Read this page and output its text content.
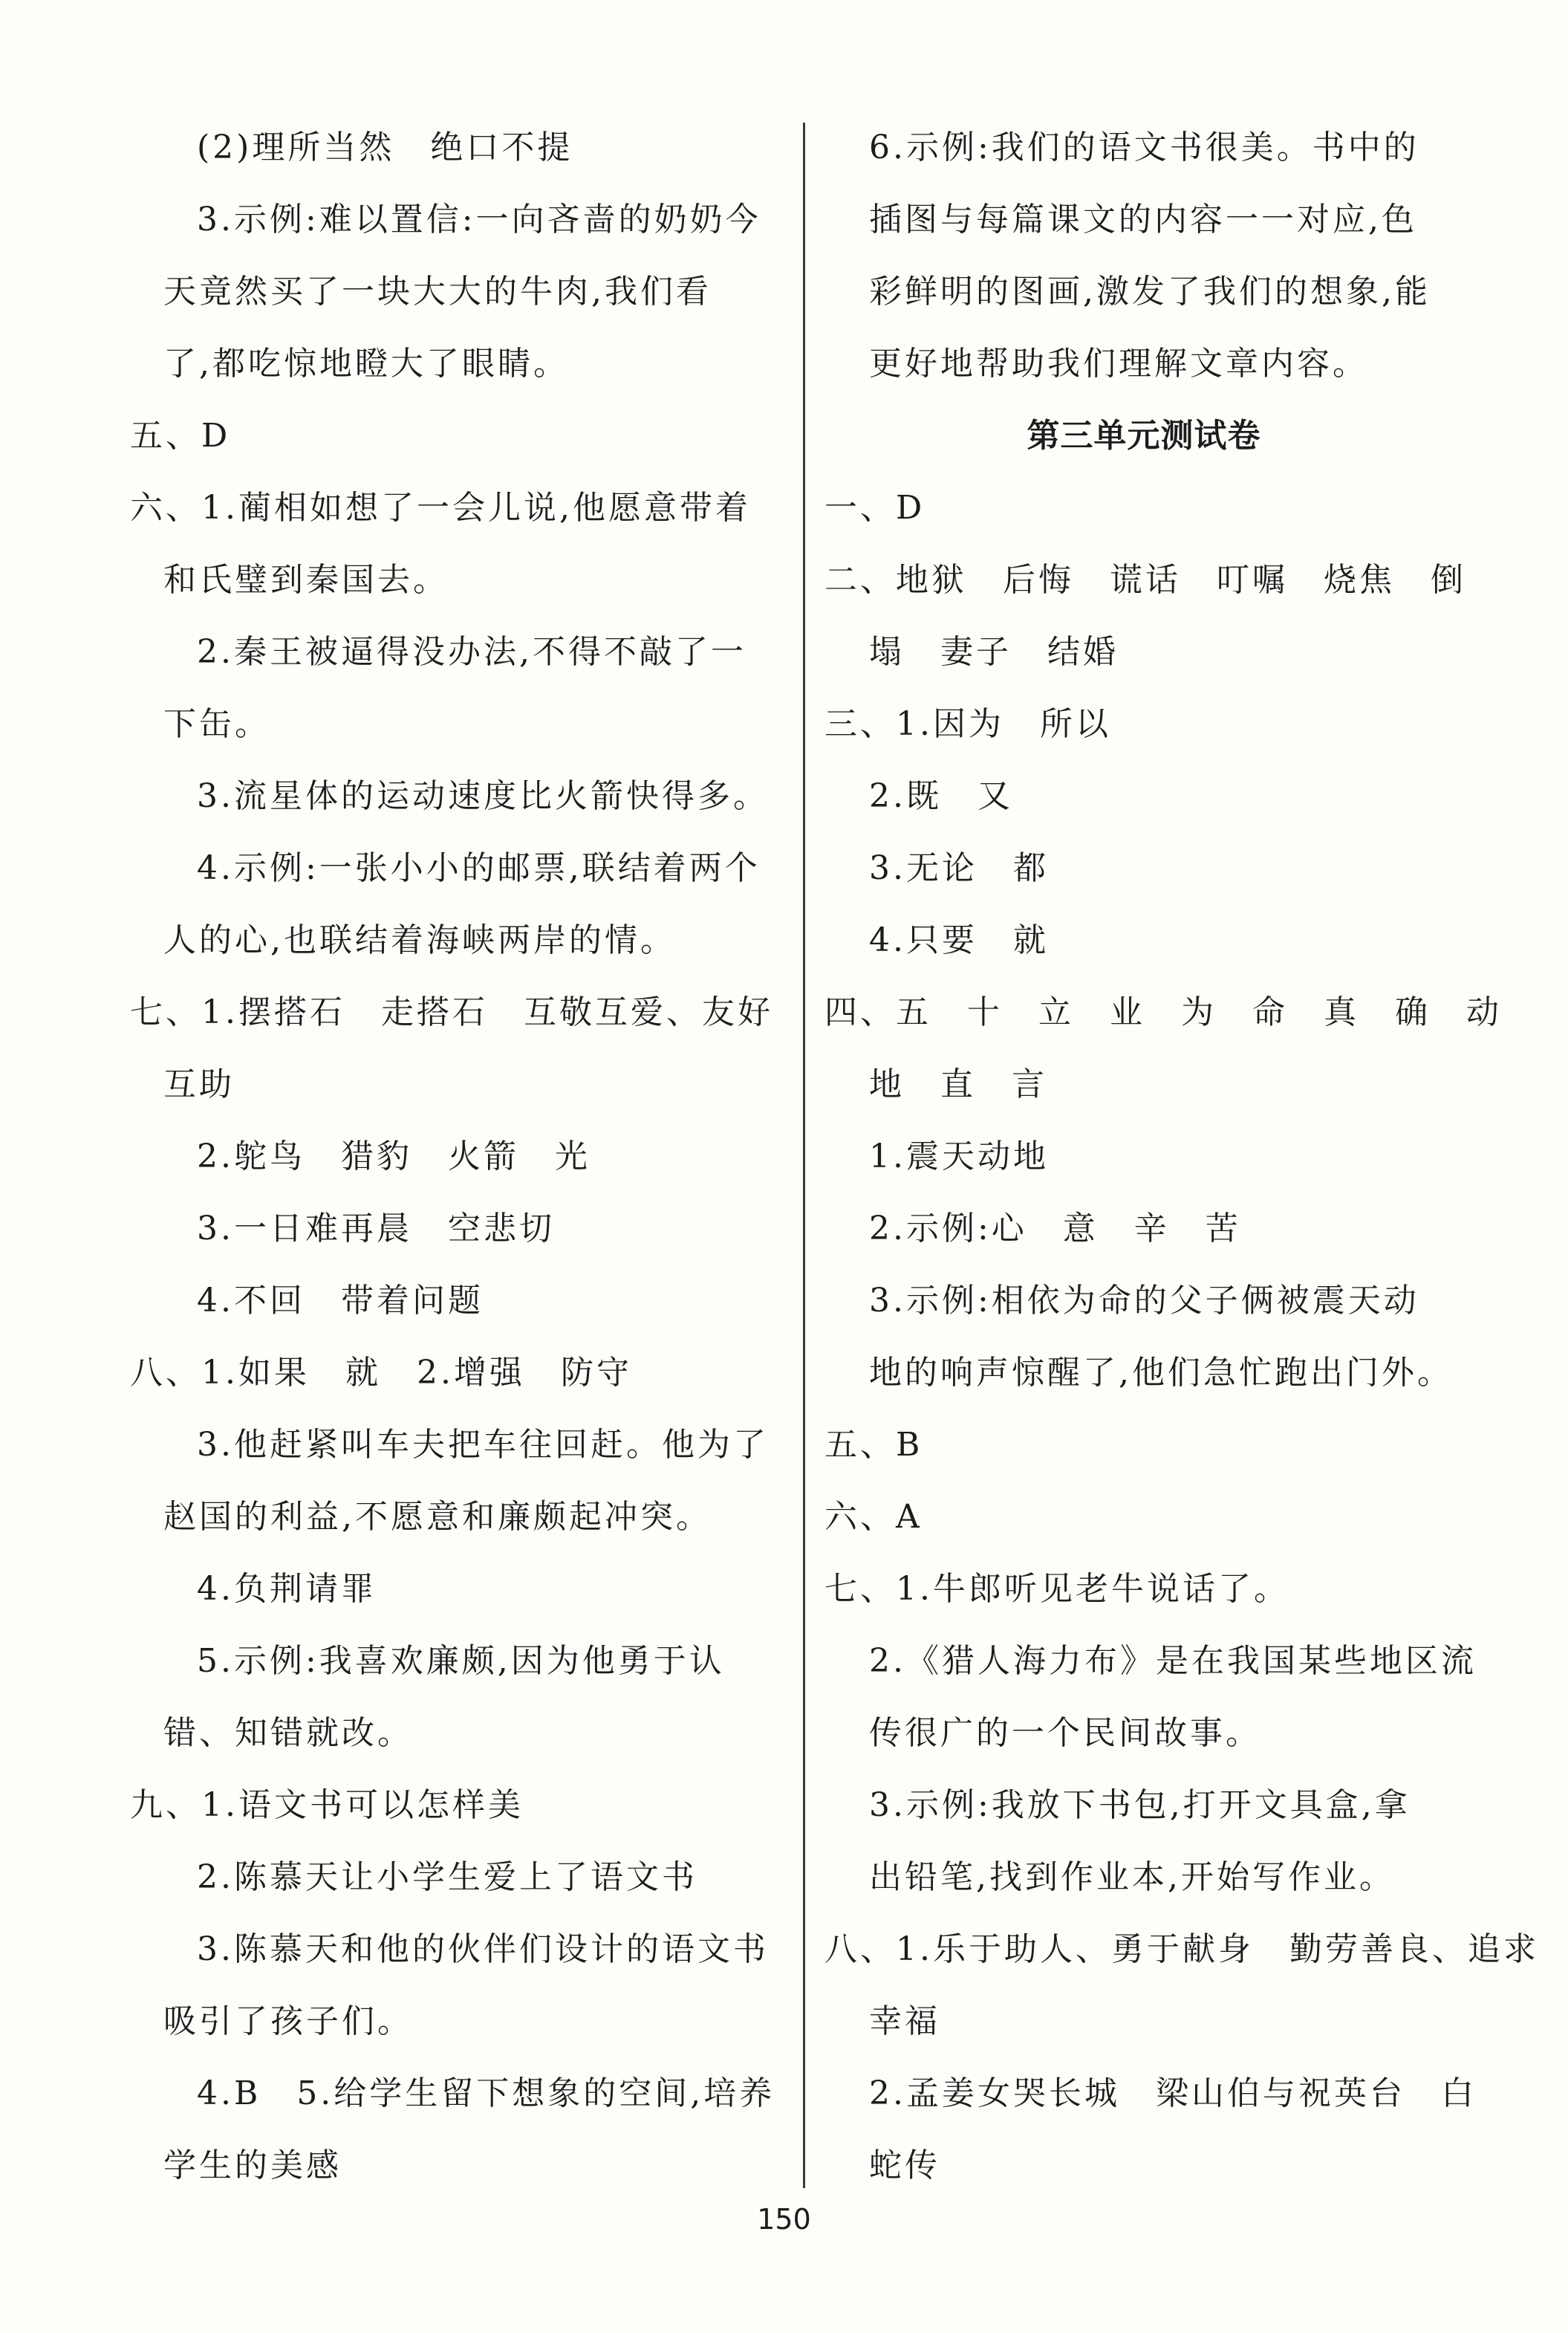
(2)理所当然　绝口不提
3.示例:难以置信:一向吝啬的奶奶今
天竟然买了一块大大的牛肉,我们看
了,都吃惊地瞪大了眼睛。
五、D
六、1.蔺相如想了一会儿说,他愿意带着
和氏璧到秦国去。
2.秦王被逼得没办法,不得不敲了一
下缶。
3.流星体的运动速度比火箭快得多。
4.示例:一张小小的邮票,联结着两个
人的心,也联结着海峡两岸的情。
七、1.摆搭石　走搭石　互敬互爱、友好
互助
2.鸵鸟　猎豹　火箭　光
3.一日难再晨　空悲切
4.不回　带着问题
八、1.如果　就　2.增强　防守
3.他赶紧叫车夫把车往回赶。他为了
赵国的利益,不愿意和廉颇起冲突。
4.负荆请罪
5.示例:我喜欢廉颇,因为他勇于认
错、知错就改。
九、1.语文书可以怎样美
2.陈慕天让小学生爱上了语文书
3.陈慕天和他的伙伴们设计的语文书
吸引了孩子们。
4.B　5.给学生留下想象的空间,培养
学生的美感
6.示例:我们的语文书很美。书中的
插图与每篇课文的内容一一对应,色
彩鲜明的图画,激发了我们的想象,能
更好地帮助我们理解文章内容。
第三单元测试卷
一、D
二、地狱　后悔　谎话　叮嘱　烧焦　倒
塌　妻子　结婚
三、1.因为　所以
2.既　又
3.无论　都
4.只要　就
四、五　十　立　业　为　命　真　确　动
地　直　言
1.震天动地
2.示例:心　意　辛　苦
3.示例:相依为命的父子俩被震天动
地的响声惊醒了,他们急忙跑出门外。
五、B
六、A
七、1.牛郎听见老牛说话了。
2.《猎人海力布》是在我国某些地区流
传很广的一个民间故事。
3.示例:我放下书包,打开文具盒,拿
出铅笔,找到作业本,开始写作业。
八、1.乐于助人、勇于献身　勤劳善良、追求
幸福
2.孟姜女哭长城　梁山伯与祝英台　白
蛇传
150
